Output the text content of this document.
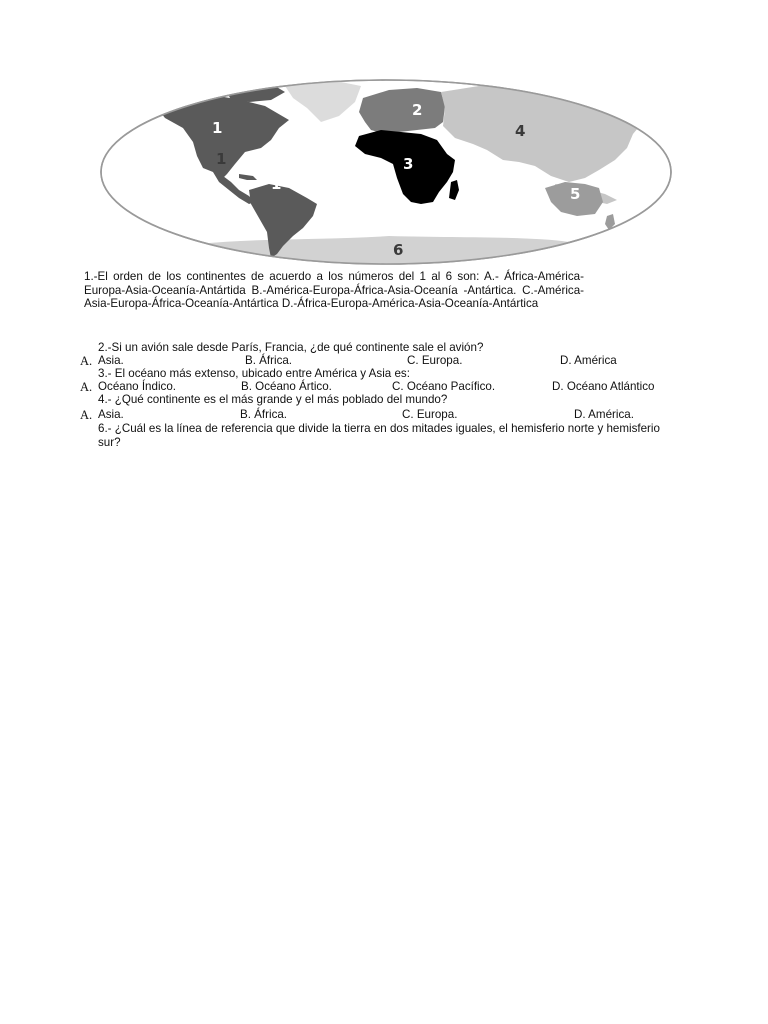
1
1
1
2
3
4
5
6
1.-El orden de los continentes de acuerdo a los números del 1 al 6 son: A.- África-América-Europa-Asia-Oceanía-Antártida B.-América-Europa-África-Asia-Oceanía -Antártica. C.-América-Asia-Europa-África-Oceanía-Antártica D.-África-Europa-América-Asia-Oceanía-Antártica
2.-Si un avión sale desde París, Francia, ¿de qué continente sale el avión?
A. Asia.	B. África.	C. Europa.	D. América
3.- El océano más extenso, ubicado entre América y Asia es:
A. Océano Índico.	B. Océano Ártico.	C. Océano Pacífico.	D. Océano Atlántico
4.- ¿Qué continente es el más grande y el más poblado del mundo?
A. Asia.	B. África.	C. Europa.	D. América.
6.- ¿Cuál es la línea de referencia que divide la tierra en dos mitades iguales, el hemisferio norte y hemisferio sur?
